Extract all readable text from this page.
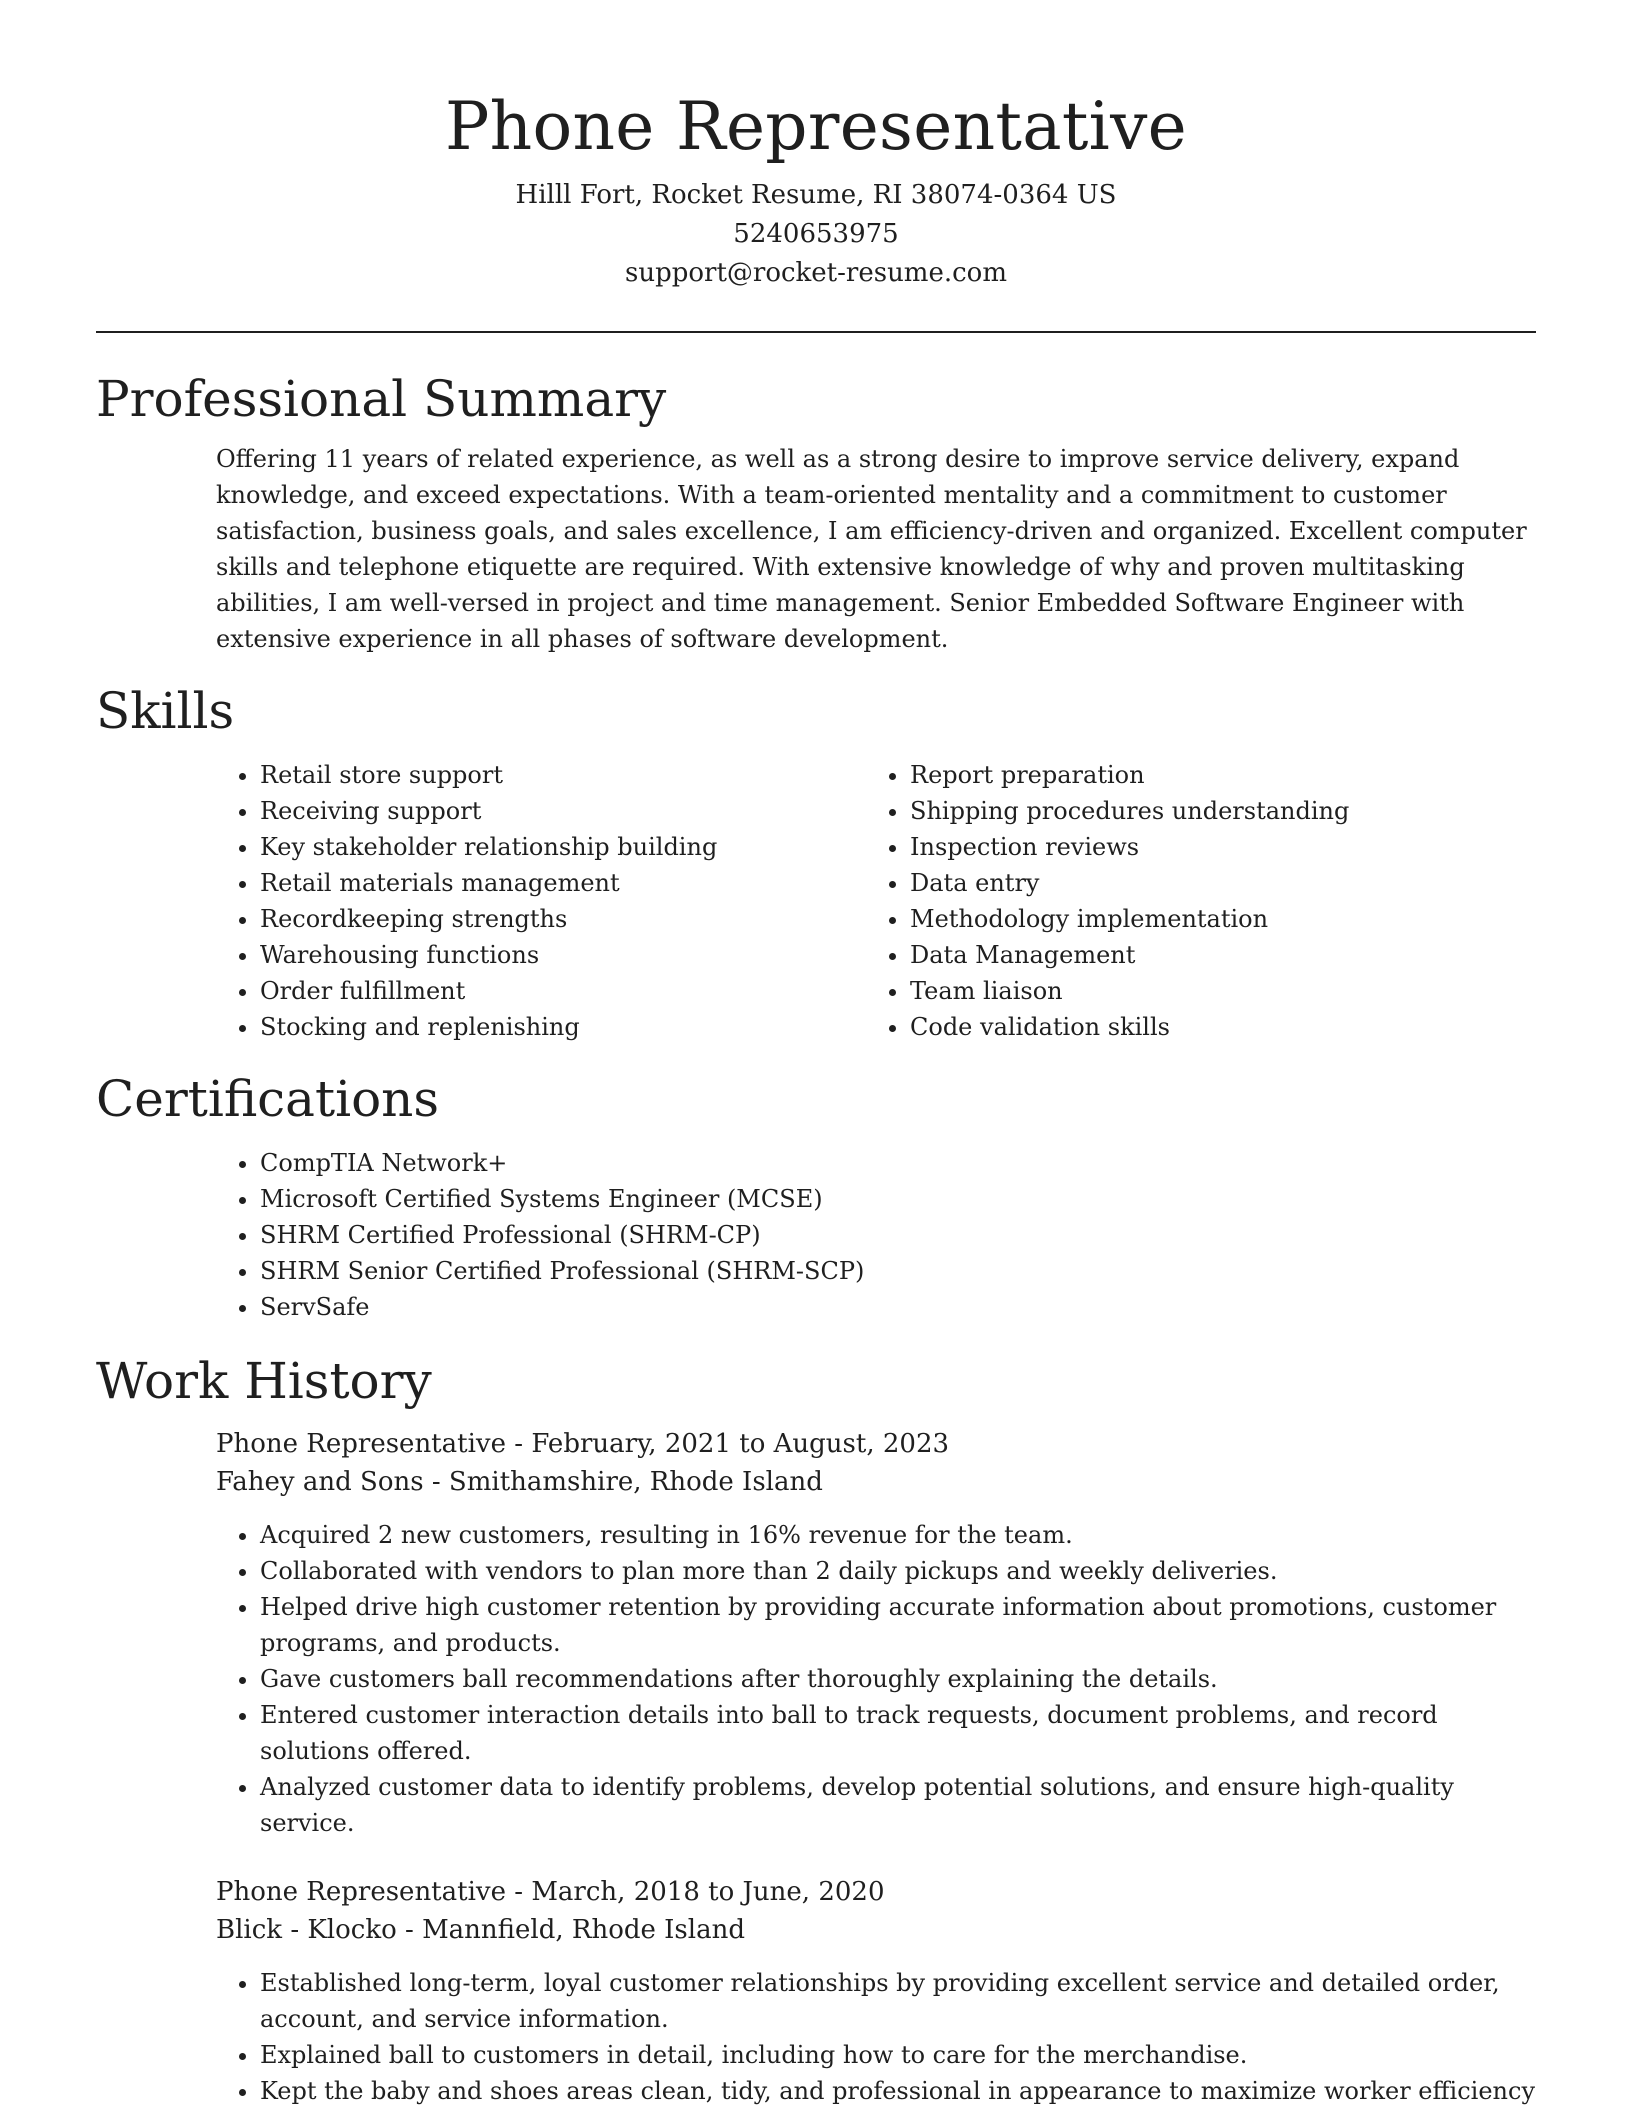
Phone Representative

Hilll Fort, Rocket Resume, RI 38074-0364 US

5240653975

support@rocket-resume.com

Professional Summary

Offering 11 years of related experience, as well as a strong desire to improve service delivery, expand knowledge, and exceed expectations. With a team-oriented mentality and a commitment to customer satisfaction, business goals, and sales excellence, I am efficiency-driven and organized. Excellent computer skills and telephone etiquette are required. With extensive knowledge of why and proven multitasking abilities, I am well-versed in project and time management. Senior Embedded Software Engineer with extensive experience in all phases of software development.

Skills
• Retail store support
• Receiving support
• Key stakeholder relationship building
• Retail materials management
• Recordkeeping strengths
• Warehousing functions
• Order fulfillment
• Stocking and replenishing
• Report preparation
• Shipping procedures understanding
• Inspection reviews
• Data entry
• Methodology implementation
• Data Management
• Team liaison
• Code validation skills
Certifications
• CompTIA Network+
• Microsoft Certified Systems Engineer (MCSE)
• SHRM Certified Professional (SHRM-CP)
• SHRM Senior Certified Professional (SHRM-SCP)
• ServSafe
Work History

Phone Representative - February, 2021 to August, 2023

Fahey and Sons - Smithamshire, Rhode Island

• Acquired 2 new customers, resulting in 16% revenue for the team.
• Collaborated with vendors to plan more than 2 daily pickups and weekly deliveries.
• Helped drive high customer retention by providing accurate information about promotions, customer programs, and products.
• Gave customers ball recommendations after thoroughly explaining the details.
• Entered customer interaction details into ball to track requests, document problems, and record solutions offered.
• Analyzed customer data to identify problems, develop potential solutions, and ensure high-quality service.

Phone Representative - March, 2018 to June, 2020

Blick - Klocko - Mannfield, Rhode Island

• Established long-term, loyal customer relationships by providing excellent service and detailed order, account, and service information.
• Explained ball to customers in detail, including how to care for the merchandise.
• Kept the baby and shoes areas clean, tidy, and professional in appearance to maximize worker efficiency
